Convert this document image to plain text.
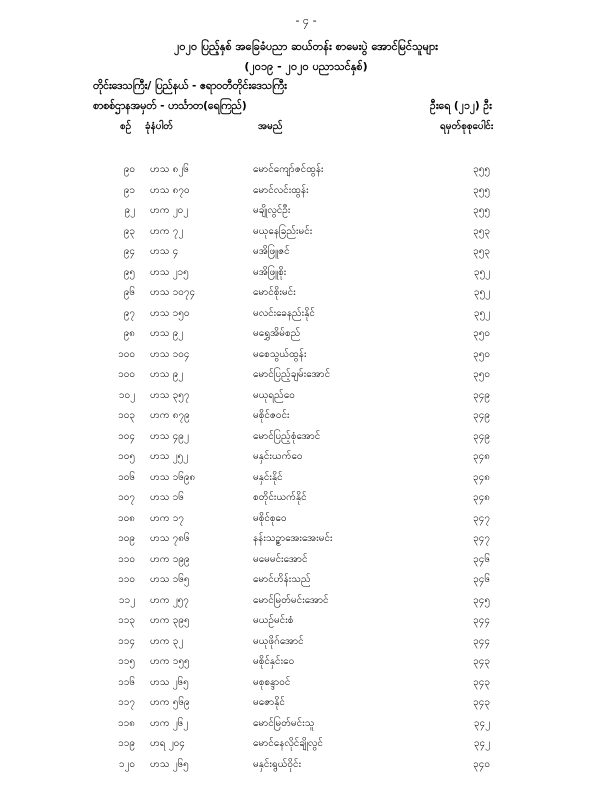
- ၄ -
၂၀၂၀ ပြည့်နှစ် အခြေခံပညာ ဆယ်တန်း စာမေးပွဲ အောင်မြင်သူများ
(၂၀၁၉ - ၂၀၂၀ ပညာသင်နှစ်)
တိုင်းဒေသကြီး/ ပြည်နယ် - ဧရာဝတီတိုင်းဒေသကြီး
စာစစ်ဌာနအမှတ် - ဟင်္သာတ(ရေကြည်)	ဦးရေ (၂၁၂) ဦး
စဉ် ခုံနံပါတ်	အမည်	ရမှတ်စုစုပေါင်း
၉၀ ဟသ ၈၂၆	မောင်ကျော်ဇင်ထွန်း	၃၅၅
၉၁ ဟသ ၈၇၀	မောင်လင်းထွန်း	၃၅၅
၉၂ ဟက ၂၀၂	မချိုလွင်ဦး	၃၅၅
၉၃ ဟက ၇၂	မယုနေခြည်းမင်း	၃၅၃
၉၄ ဟသ ၄	မအိဖြူဇင်	၃၅၃
၉၅ ဟသ ၂၁၅	မအိဖြူစိုး	၃၅၂
၉၆ ဟသ ၁၀၇၄	မောင်စိုးမင်း	၃၅၂
၉၇ ဟသ ၁၅၀	မလင်းခေနည်းနိုင်	၃၅၂
၉၈ ဟသ ၉၂	မရွှေအိမ်စည်	၃၅၀
၁၀၀ ဟသ ၁၀၄	မစေသွယ်ထွန်း	၃၅၀
၁၀၀ ဟသ ၉၂	မောင်ပြည့်ချမ်းအောင်	၃၅၀
၁၀၂ ဟသ ၃၅၇	မယုရည်ဝေ	၃၄၉
၁၀၃ ဟက ၈၇၉	မစိုင်ဇဝင်း	၃၄၉
၁၀၄ ဟသ ၄၉၂	မောင်ပြည့်စုံအောင်	၃၄၉
၁၀၅ ဟသ ၂၅၂	မနှင်းယက်ဝေ	၃၄၈
၁၀၆ ဟသ ၁၆၉၈	မနှင်းနိုင်	၃၄၈
၁၀၇ ဟသ ၁၆	စတိုင်းယက်နိုင်	၃၄၈
၁၀၈ ဟက ၁၇	မစိုင်စုဝေ	၃၄၇
၁၀၉ ဟသ ၇၈၆	နန်းသဥ္စာအေးအေးမင်း	၃၄၇
၁၁၀ ဟက ၁၉၉	မမေမင်းအောင်	၃၄၆
၁၁၀ ဟသ ၁၆၅	မောင်ဟိန်းသည်	၃၄၆
၁၁၂ ဟက ၂၅၇	မောင်မြတ်မင်းအောင်	၃၄၅
၁၁၃ ဟက ၃၉၅	မယဉ်မင်းစံ	၃၄၄
၁၁၄ ဟက ၃၂	မယုဖိုဂ်အောင်	၃၄၄
၁၁၅ ဟက ၁၅၅	မစိုင်နှင်းဝေ	၃၄၃
၁၁၆ ဟသ ၂၆၅	မစုစန္ဒာဝင်	၃၄၃
၁၁၇ ဟက ၅၆၉	မဇောနိုင်	၃၄၃
၁၁၈ ဟက ၂၆၂	မောင်မြတ်မင်းသူ	၃၄၂
၁၁၉ ဟရ ၂၀၄	မောင်နေလိုင်ချိုလွင်	၃၄၂
၁၂၀ ဟသ ၂၆၅	မနှင်းရွယ်ဝိုင်း	၃၄၀
